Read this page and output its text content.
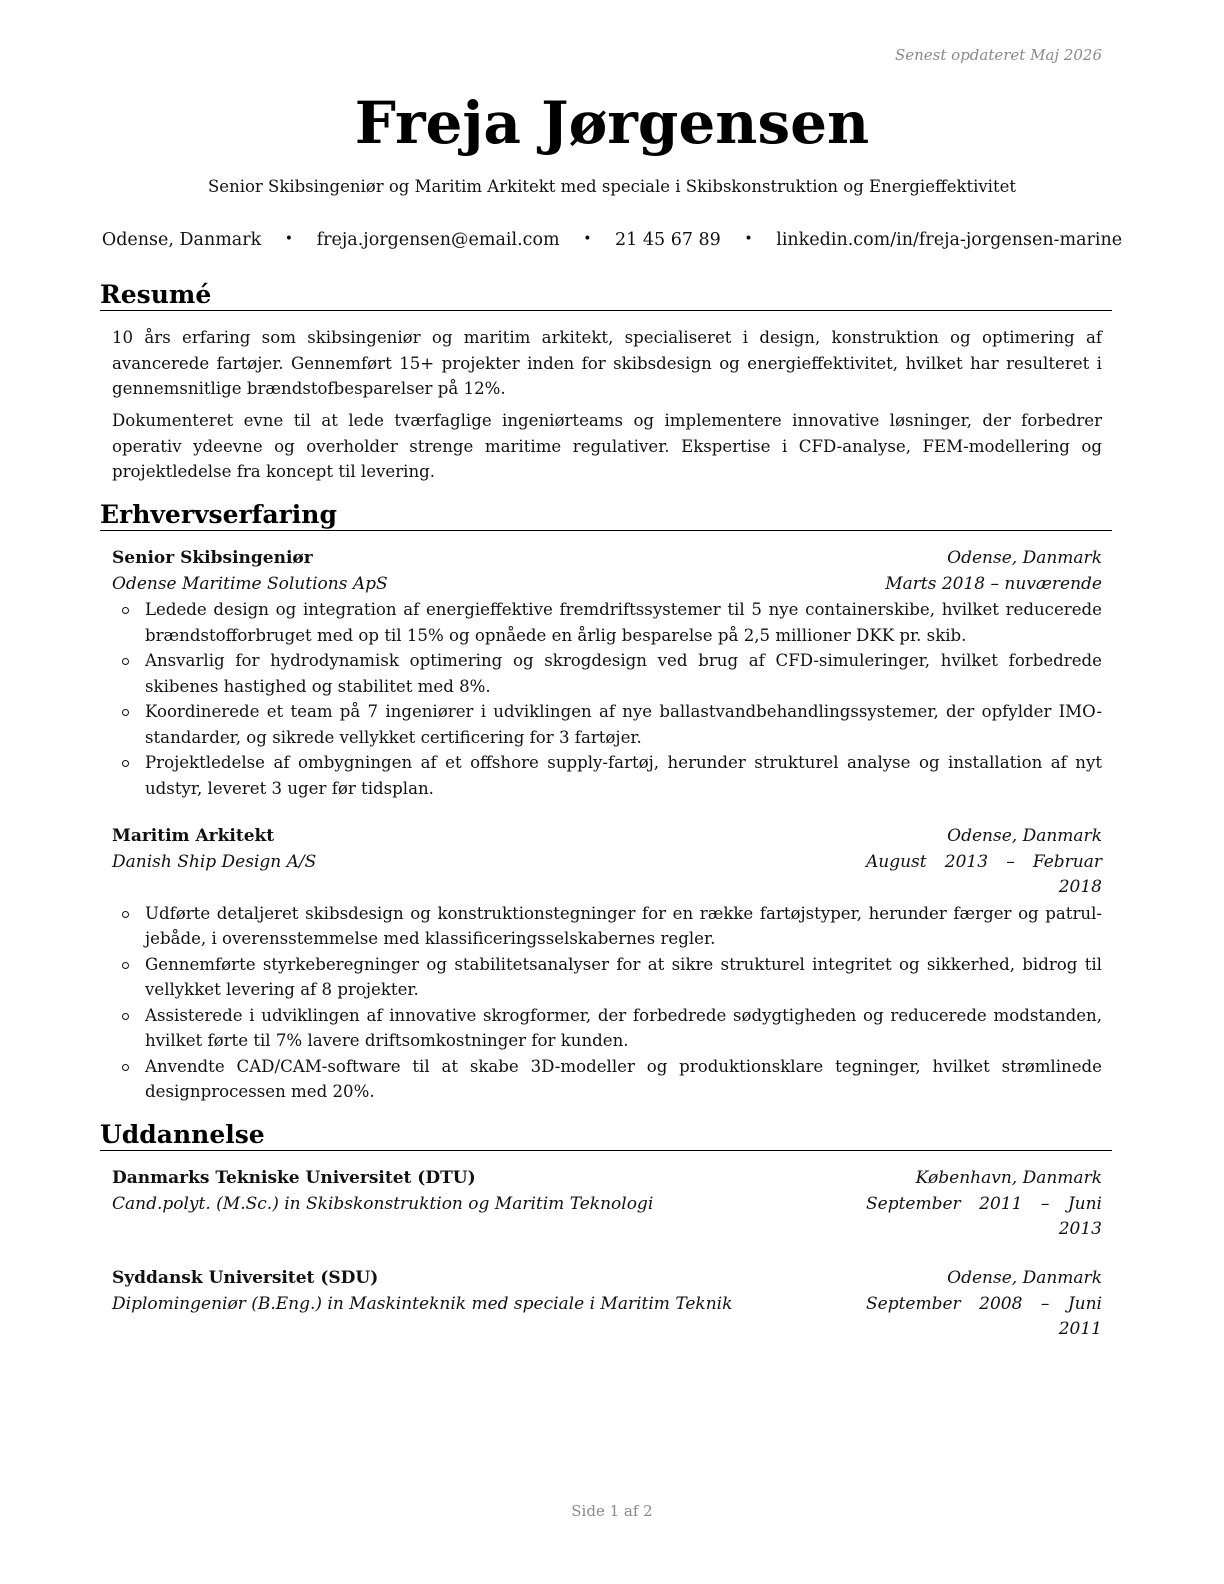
Senest opdateret Maj 2026
Freja Jørgensen
Senior Skibsingeniør og Maritim Arkitekt med speciale i Skibskonstruktion og Energieffektivitet
Odense, Danmark • freja.jorgensen@email.com • 21 45 67 89 • linkedin.com/in/freja-jorgensen-marine
Resumé
10 års erfaring som skibsingeniør og maritim arkitekt, specialiseret i design, konstruktion og optimering af avancerede fartøjer. Gennemført 15+ projekter inden for skibsdesign og energieffektivitet, hvilket har resulteret i gennemsnitlige brændstofbesparelser på 12%.
Dokumenteret evne til at lede tværfaglige ingeniørteams og implementere innovative løsninger, der forbedrer operativ ydeevne og overholder strenge maritime regulativer. Ekspertise i CFD-analyse, FEM-modellering og projektledelse fra koncept til levering.
Erhvervserfaring
Senior Skibsingeniør	Odense, Danmark
Odense Maritime Solutions ApS	Marts 2018 – nuværende
Ledede design og integration af energieffektive fremdriftssystemer til 5 nye containerskibe, hvilket reducerede brændstofforbruget med op til 15% og opnåede en årlig besparelse på 2,5 millioner DKK pr. skib.
Ansvarlig for hydrodynamisk optimering og skrogdesign ved brug af CFD-simuleringer, hvilket forbedrede skibenes hastighed og stabilitet med 8%.
Koordinerede et team på 7 ingeniører i udviklingen af nye ballastvandbehandlingssystemer, der opfylder IMO-standarder, og sikrede vellykket certificering for 3 fartøjer.
Projektledelse af ombygningen af et offshore supply-fartøj, herunder strukturel analyse og installation af nyt udstyr, leveret 3 uger før tidsplan.
Maritim Arkitekt	Odense, Danmark
Danish Ship Design A/S	August 2013 – Februar 2018
Udførte detaljeret skibsdesign og konstruktionstegninger for en række fartøjstyper, herunder færger og patrul-jebåde, i overensstemmelse med klassificeringsselskabernes regler.
Gennemførte styrkeberegninger og stabilitetsanalyser for at sikre strukturel integritet og sikkerhed, bidrog til vellykket levering af 8 projekter.
Assisterede i udviklingen af innovative skrogformer, der forbedrede sødygtigheden og reducerede modstanden, hvilket førte til 7% lavere driftsomkostninger for kunden.
Anvendte CAD/CAM-software til at skabe 3D-modeller og produktionsklare tegninger, hvilket strømlinede designprocessen med 20%.
Uddannelse
Danmarks Tekniske Universitet (DTU)	København, Danmark
Cand.polyt. (M.Sc.) in Skibskonstruktion og Maritim Teknologi	September 2011 – Juni 2013
Syddansk Universitet (SDU)	Odense, Danmark
Diplomingeniør (B.Eng.) in Maskinteknik med speciale i Maritim Teknik	September 2008 – Juni 2011
Side 1 af 2
